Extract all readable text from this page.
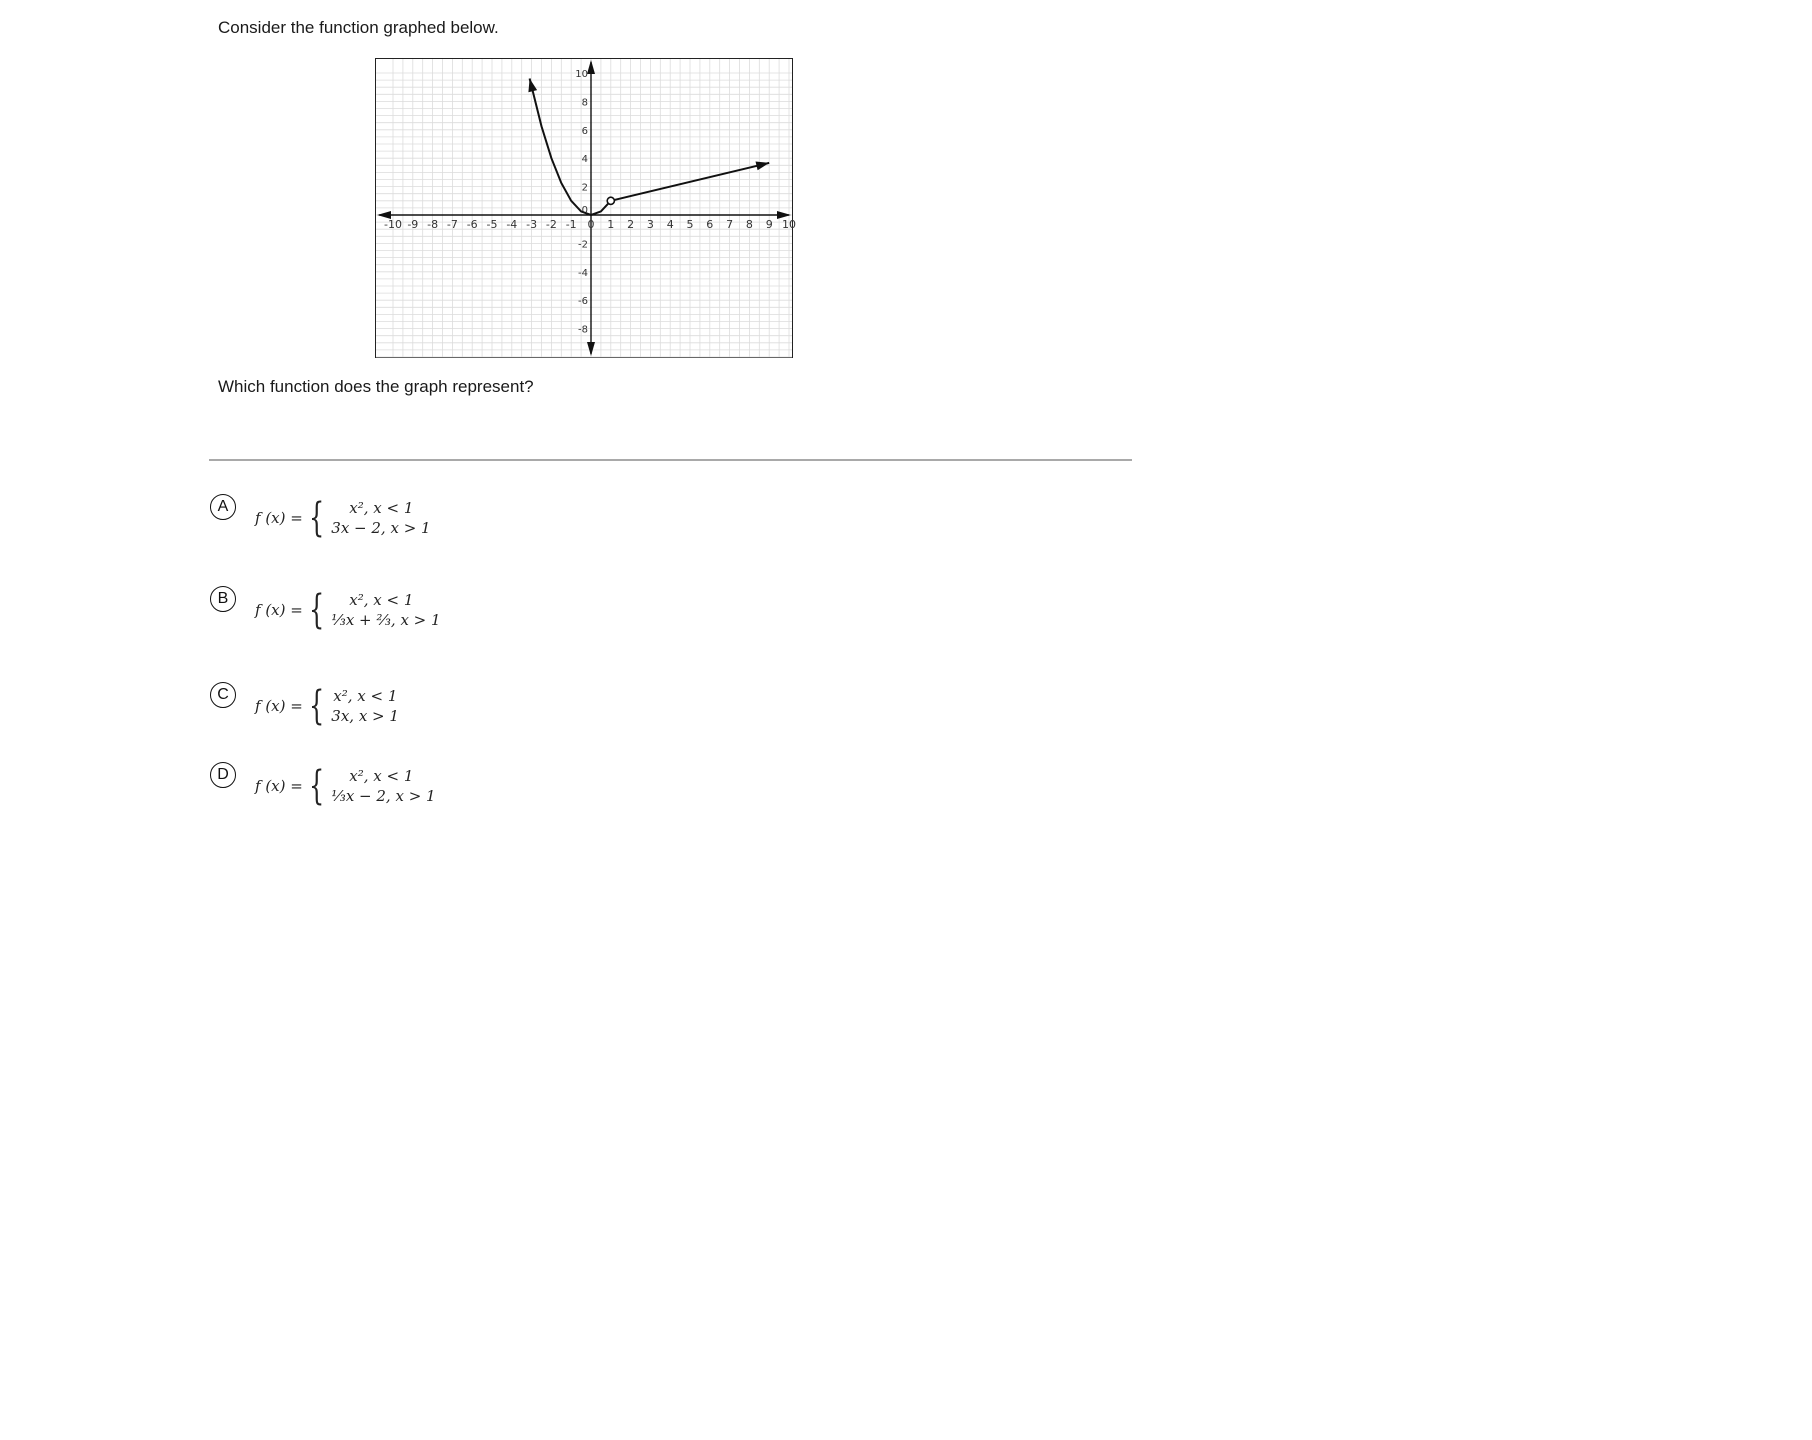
Consider the function graphed below.
-10 -9 -8 -7 -6 -5 -4 -3 -2 -1 0 1 2 3 4 5 6 7 8 9 10
10
8
6
4
2
0
-2
-4
-6
-8
Which function does the graph represent?
A
f (x) = {	x², x < 1
3x − 2, x > 1
B
f (x) = {	x², x < 1
⅓x + ⅔, x > 1
C
f (x) = { x², x < 1
3x, x > 1
D
f (x) = {	x², x < 1
⅓x − 2, x > 1
